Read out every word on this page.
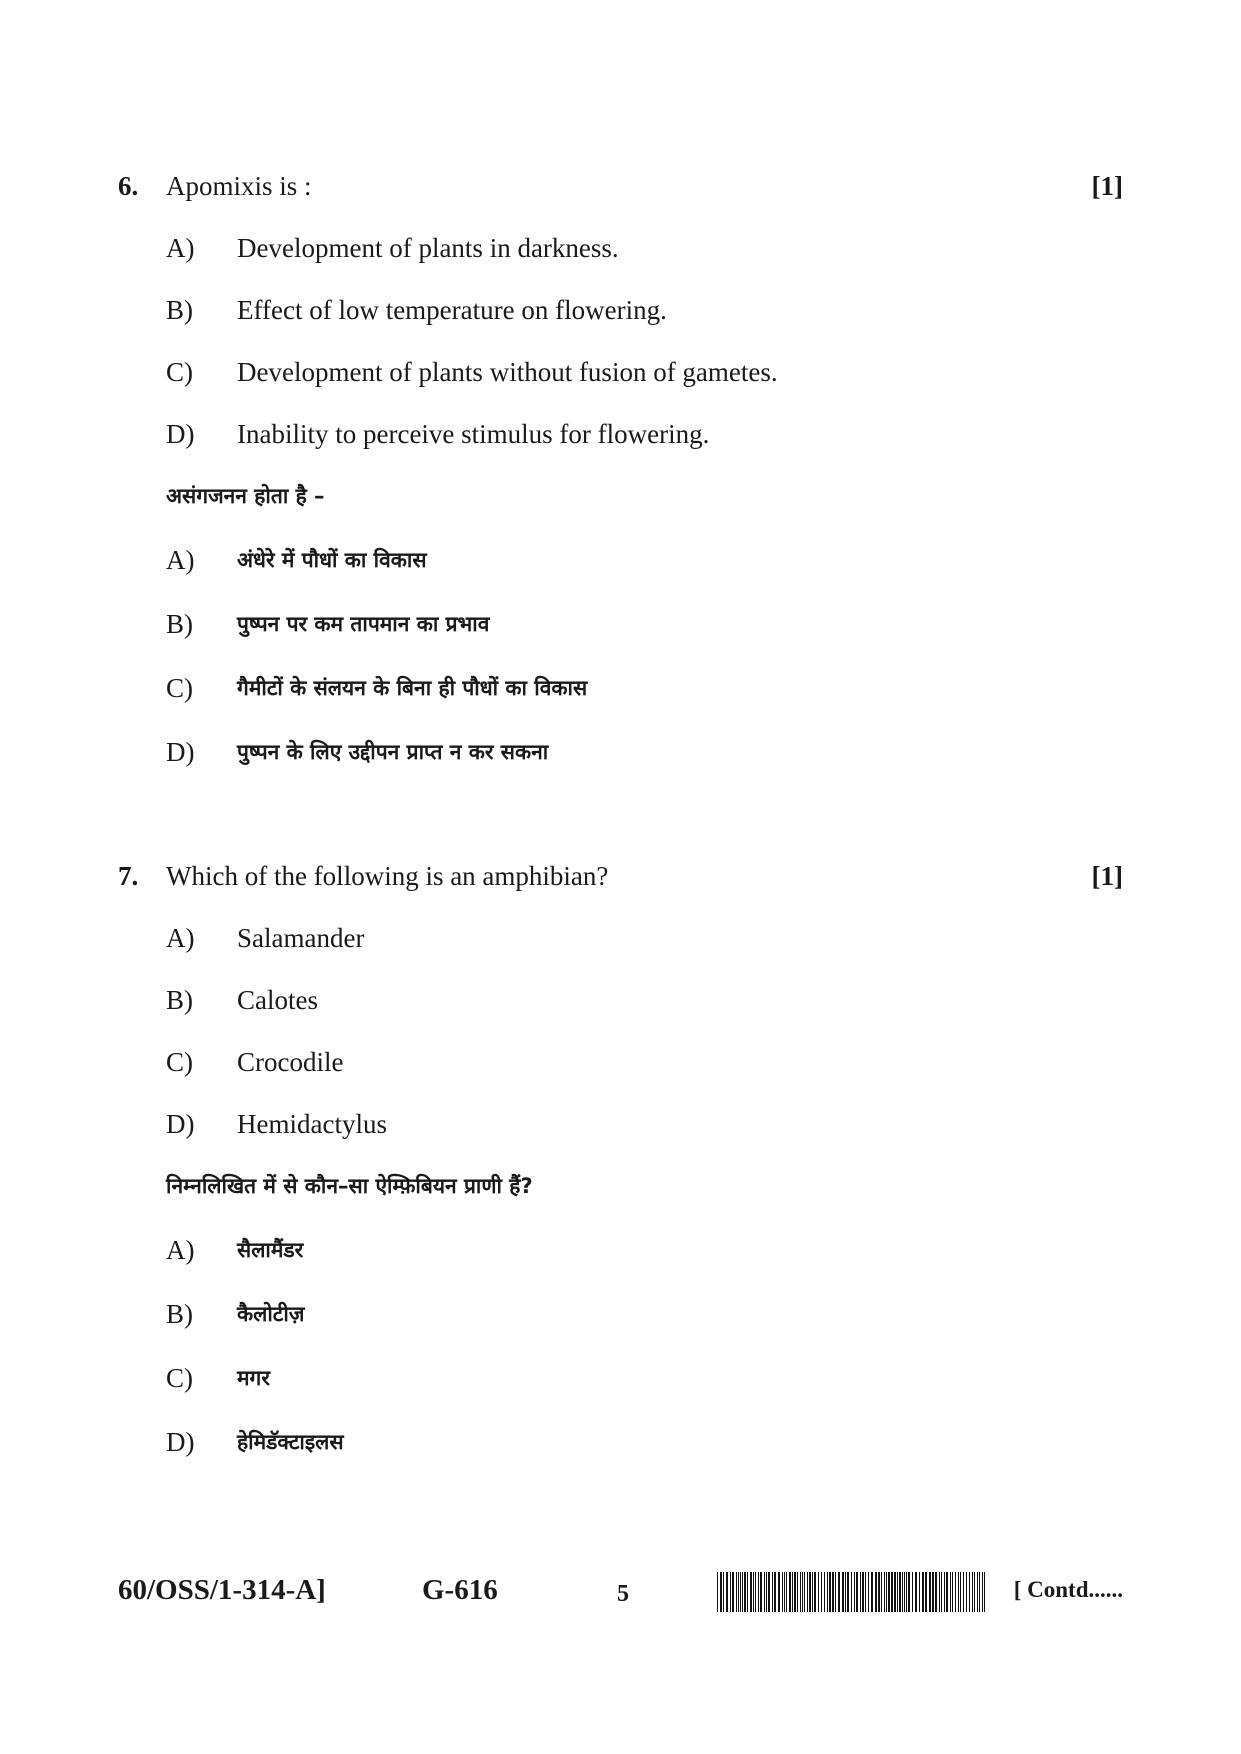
6. Apomixis is :	[1]
A) Development of plants in darkness.
B) Effect of low temperature on flowering.
C) Development of plants without fusion of gametes.
D) Inability to perceive stimulus for flowering.
असंगजनन होता है –
A) अंधेरे में पौधों का विकास
B) पुष्पन पर कम तापमान का प्रभाव
C) गैमीटों के संलयन के बिना ही पौधों का विकास
D) पुष्पन के लिए उद्दीपन प्राप्त न कर सकना
7. Which of the following is an amphibian?	[1]
A) Salamander
B) Calotes
C) Crocodile
D) Hemidactylus
निम्नलिखित में से कौन–सा ऐम्फ़िबियन प्राणी हैं?
A) सैलामैंडर
B) कैलोटीज़
C) मगर
D) हेमिडॅक्टाइलस
60/OSS/1-314-A]	G-616	5	[ Contd......
